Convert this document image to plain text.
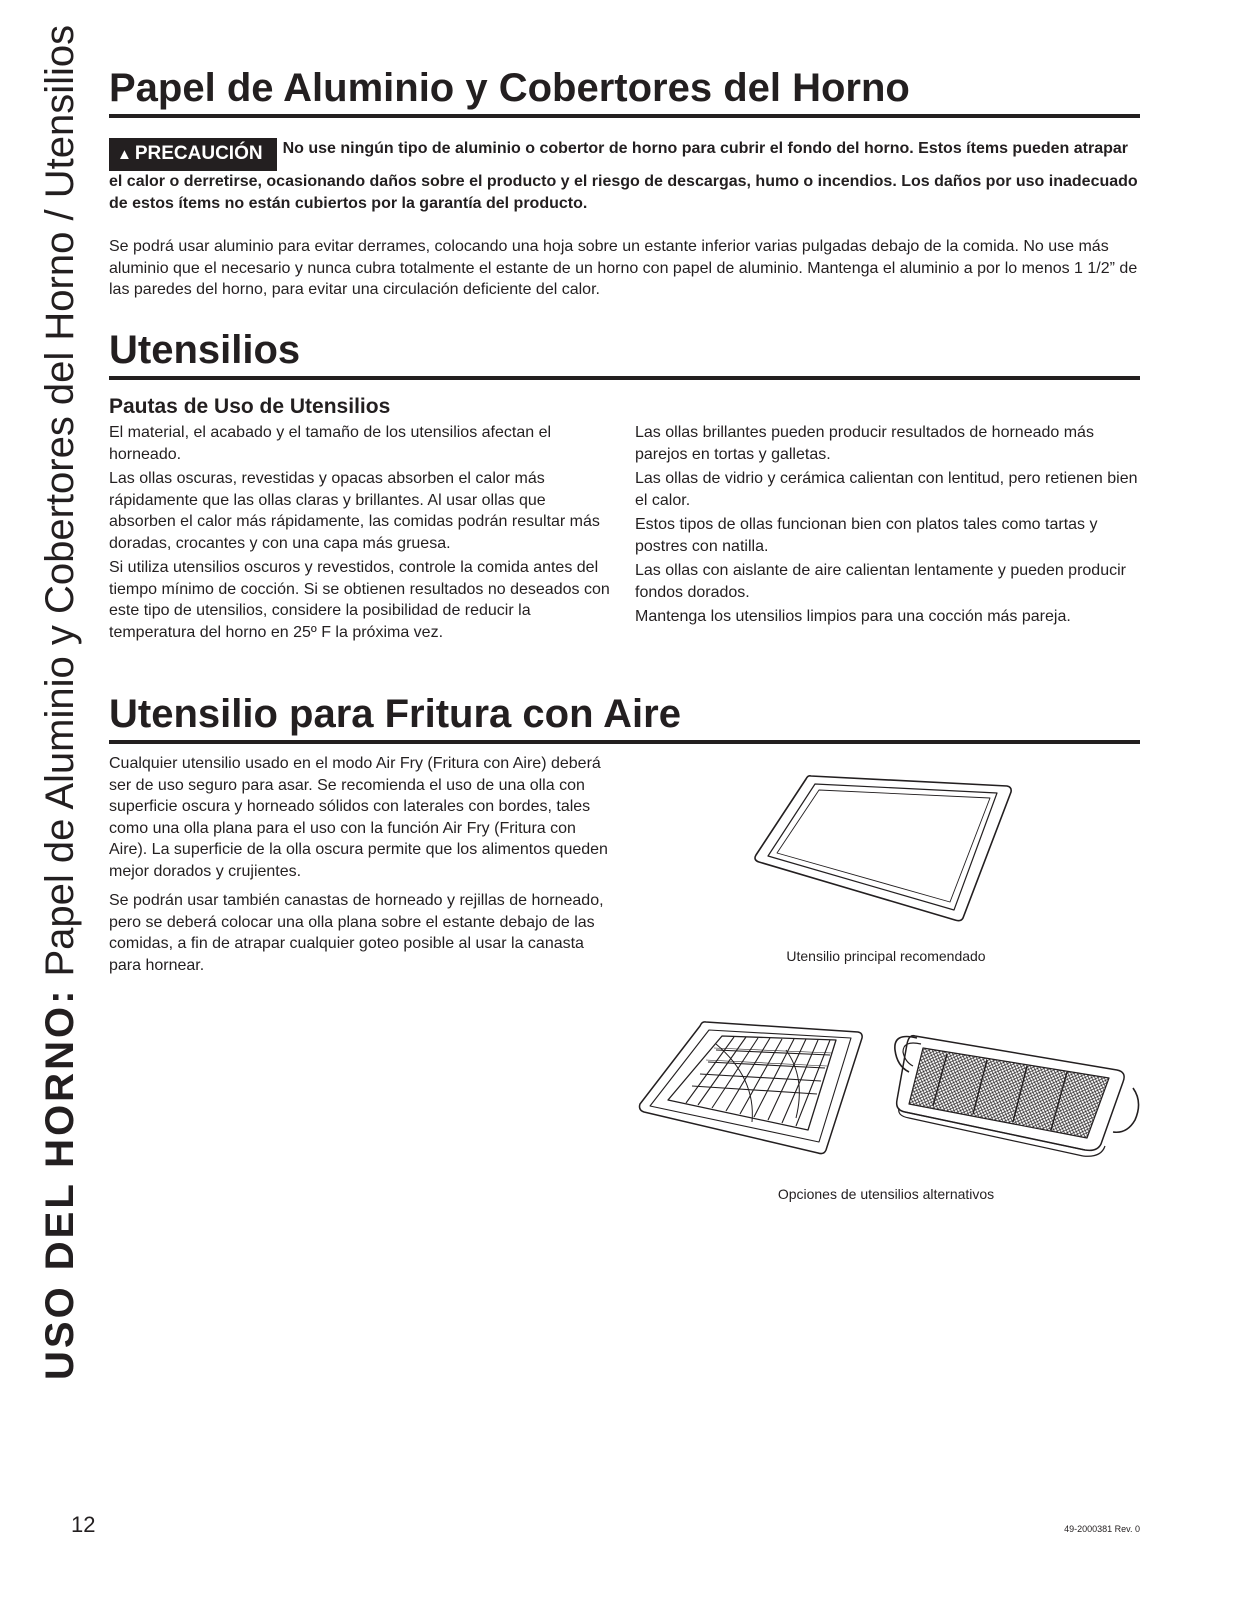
USO DEL HORNO: Papel de Aluminio y Cobertores del Horno / Utensilios Papel de Aluminio y Cobertores del Horno
▲ PRECAUCIÓN No use ningún tipo de aluminio o cobertor de horno para cubrir el fondo del horno. Estos ítems pueden atrapar el calor o derretirse, ocasionando daños sobre el producto y el riesgo de descargas, humo o incendios. Los daños por uso inadecuado de estos ítems no están cubiertos por la garantía del producto.

Se podrá usar aluminio para evitar derrames, colocando una hoja sobre un estante inferior varias pulgadas debajo de la comida. No use más aluminio que el necesario y nunca cubra totalmente el estante de un horno con papel de aluminio. Mantenga el aluminio a por lo menos 1 1/2” de las paredes del horno, para evitar una circulación deficiente del calor.

Utensilios
Pautas de Uso de Utensilios

El material, el acabado y el tamaño de los utensilios afectan el horneado.

Las ollas oscuras, revestidas y opacas absorben el calor más rápidamente que las ollas claras y brillantes. Al usar ollas que absorben el calor más rápidamente, las comidas podrán resultar más doradas, crocantes y con una capa más gruesa.

Si utiliza utensilios oscuros y revestidos, controle la comida antes del tiempo mínimo de cocción. Si se obtienen resultados no deseados con este tipo de utensilios, considere la posibilidad de reducir la temperatura del horno en 25º F la próxima vez.

Las ollas brillantes pueden producir resultados de horneado más parejos en tortas y galletas.

Las ollas de vidrio y cerámica calientan con lentitud, pero retienen bien el calor.

Estos tipos de ollas funcionan bien con platos tales como tartas y postres con natilla.

Las ollas con aislante de aire calientan lentamente y pueden producir fondos dorados.

Mantenga los utensilios limpios para una cocción más pareja.

Utensilio para Fritura con Aire

Cualquier utensilio usado en el modo Air Fry (Fritura con Aire) deberá ser de uso seguro para asar. Se recomienda el uso de una olla con superficie oscura y horneado sólidos con laterales con bordes, tales como una olla plana para el uso con la función Air Fry (Fritura con Aire). La superficie de la olla oscura permite que los alimentos queden mejor dorados y crujientes.

Se podrán usar también canastas de horneado y rejillas de horneado, pero se deberá colocar una olla plana sobre el estante debajo de las comidas, a fin de atrapar cualquier goteo posible al usar la canasta para hornear.

Utensilio principal recomendado
Opciones de utensilios alternativos
12	49-2000381 Rev. 0
